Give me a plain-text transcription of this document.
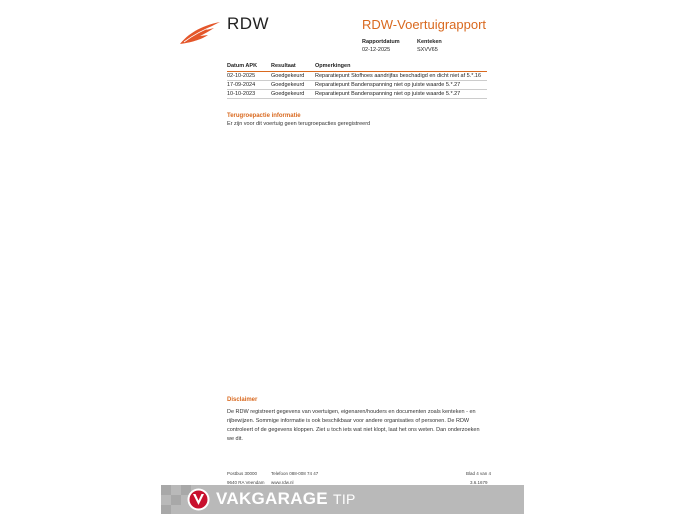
RDW	RDW-Voertuigrapport
Rapportdatum
02-12-2025
Kenteken
SXVV65
Datum APK	Resultaat	Opmerkingen
02-10-2025	Goedgekeurd Reparatiepunt Stofhoes aandrijfas beschadigd en dicht niet af 5.*.16
17-09-2024	Goedgekeurd Reparatiepunt Bandenspanning niet op juiste waarde 5.*.27
10-10-2023	Goedgekeurd Reparatiepunt Bandenspanning niet op juiste waarde 5.*.27
Terugroepactie informatie
Er zijn voor dit voertuig geen terugroepacties geregistreerd
Disclaimer
De RDW registreert gegevens van voertuigen, eigenaren/houders en documenten zoals kenteken - en
rijbewijzen. Sommige informatie is ook beschikbaar voor andere organisaties of personen. De RDW
controleert of de gegevens kloppen. Ziet u toch iets wat niet klopt, laat het ons weten. Dan onderzoeken
we dit.
Postbus 30000
9640 RA Veendam
Telefoon 088-008 74 47
www.rdw.nl
Blad 4 van 4
3.6.1679
VAKGARAGE TIP
